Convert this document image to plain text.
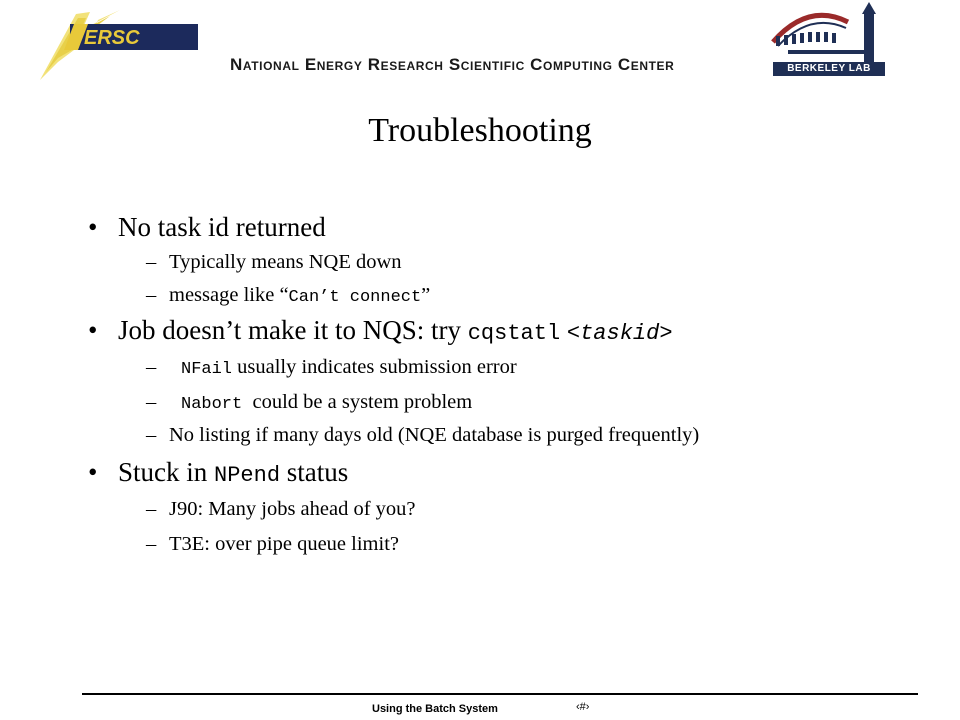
ERSC
National Energy Research Scientific Computing Center	BERKELEY LAB
Troubleshooting
• No task id returned
– Typically means NQE down
– message like “Can’t connect”
• Job doesn’t make it to NQS: try cqstatl <taskid>
–	NFail usually indicates submission error
–	Nabort could be a system problem
– No listing if many days old (NQE database is purged frequently)
• Stuck in NPend status
– J90: Many jobs ahead of you?
– T3E: over pipe queue limit?
Using the Batch System	‹#›
